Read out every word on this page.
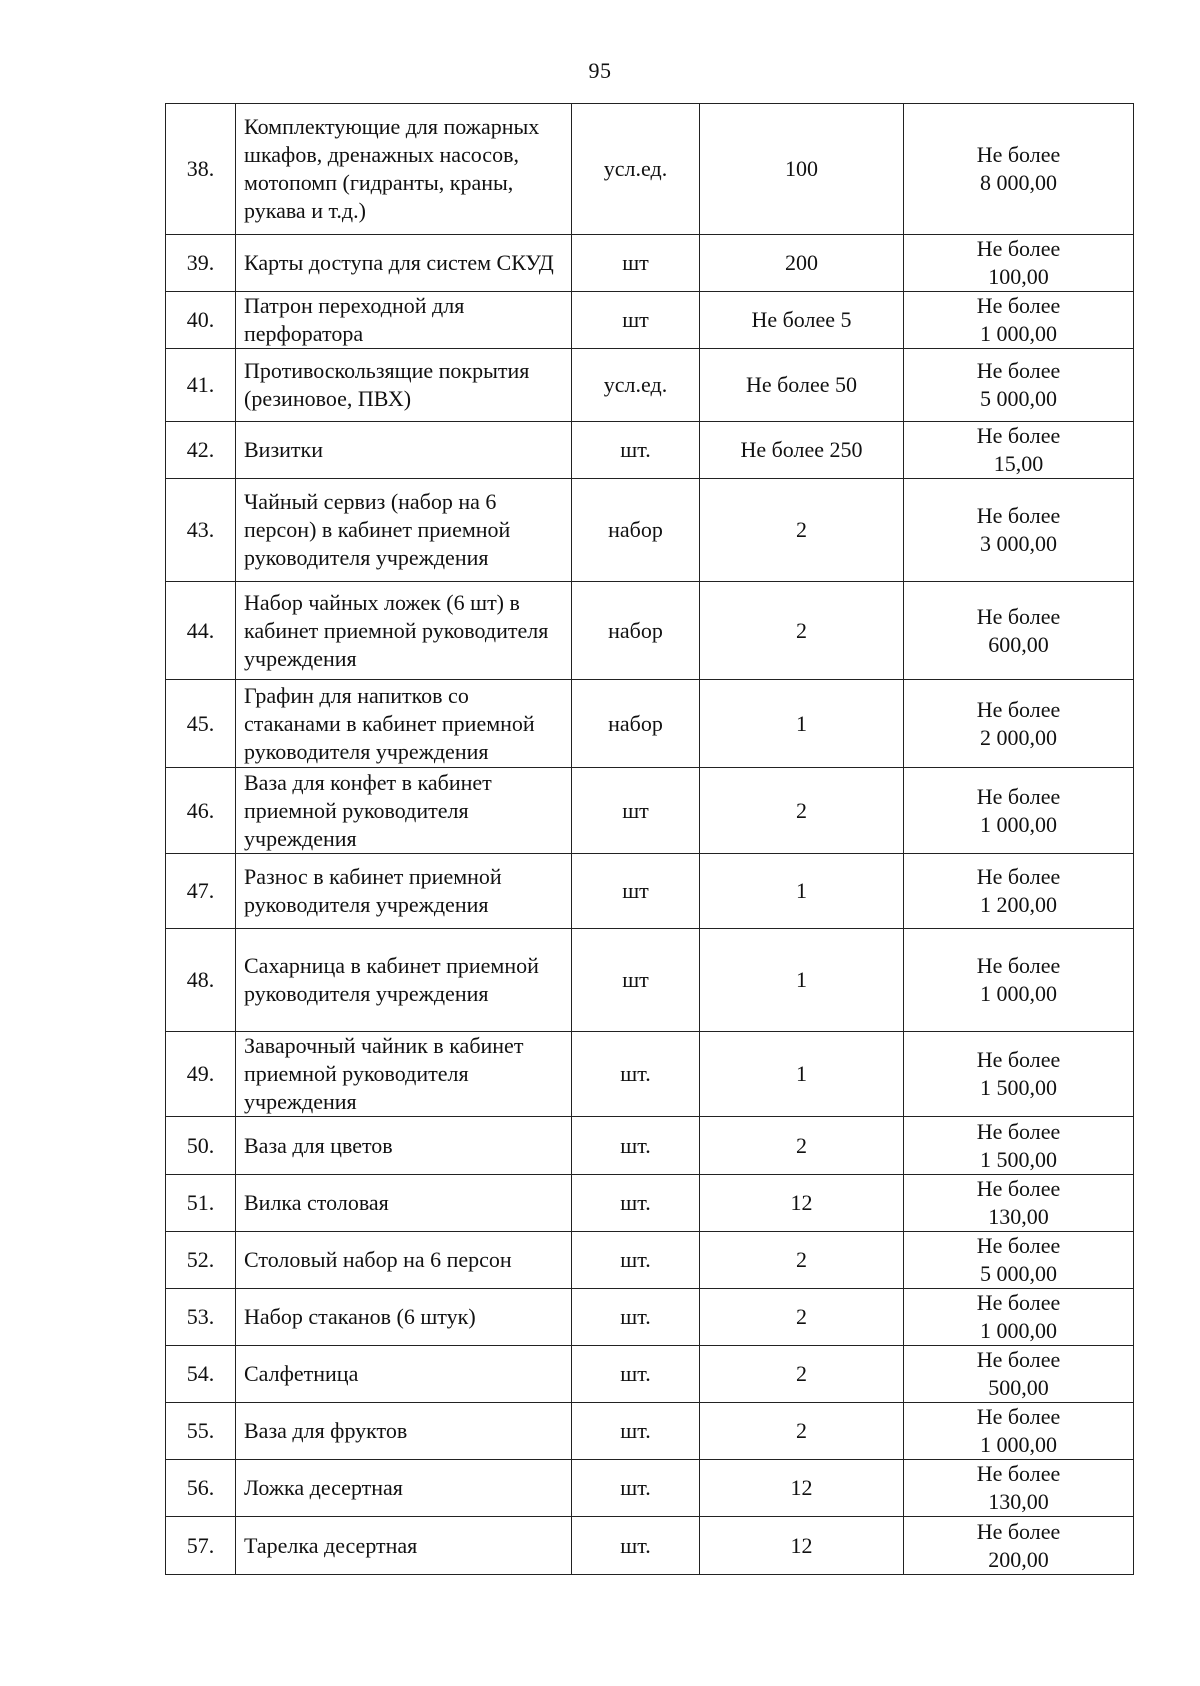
95
38.	Комплектующие для пожарных шкафов, дренажных насосов, мотопомп (гидранты, краны, рукава и т.д.)	усл.ед.	100	Не более
8 000,00

39.	Карты доступа для систем СКУД	шт	200	Не более
100,00

40.	Патрон переходной для перфоратора	шт	Не более 5	Не более
1 000,00

41.	Противоскользящие покрытия (резиновое, ПВХ)	усл.ед.	Не более 50	Не более
5 000,00

42.	Визитки	шт.	Не более 250	Не более
15,00

43.	Чайный сервиз (набор на 6 персон) в кабинет приемной руководителя учреждения	набор	2	Не более
3 000,00

44.	Набор чайных ложек (6 шт) в кабинет приемной руководителя учреждения	набор	2	Не более
600,00

45.	Графин для напитков со стаканами в кабинет приемной руководителя учреждения	набор	1	Не более
2 000,00

46.	Ваза для конфет в кабинет приемной руководителя учреждения	шт	2	Не более
1 000,00

47.	Разнос в кабинет приемной руководителя учреждения	шт	1	Не более
1 200,00

48.	Сахарница в кабинет приемной руководителя учреждения	шт	1	Не более
1 000,00

49.	Заварочный чайник в кабинет приемной руководителя учреждения	шт.	1	Не более
1 500,00

50.	Ваза для цветов	шт.	2	Не более
1 500,00

51.	Вилка столовая	шт.	12	Не более
130,00

52.	Столовый набор на 6 персон	шт.	2	Не более
5 000,00

53.	Набор стаканов (6 штук)	шт.	2	Не более
1 000,00

54.	Салфетница	шт.	2	Не более
500,00

55.	Ваза для фруктов	шт.	2	Не более
1 000,00

56.	Ложка десертная	шт.	12	Не более
130,00

57.	Тарелка десертная	шт.	12	Не более
200,00
